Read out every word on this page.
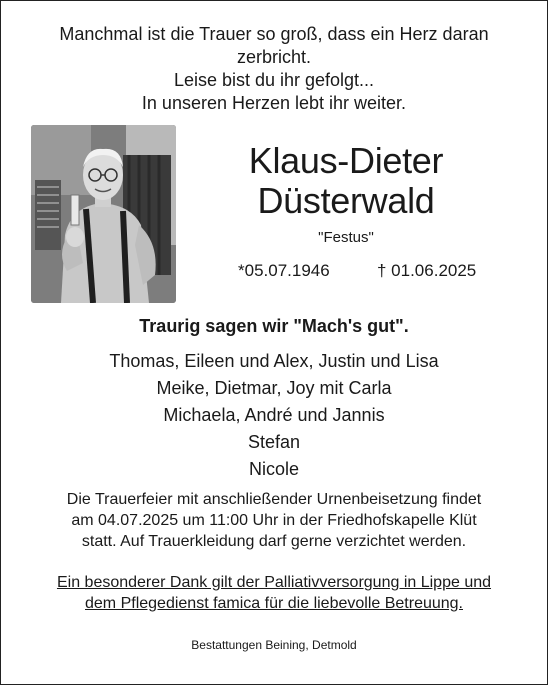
Manchmal ist die Trauer so groß, dass ein Herz daran
zerbricht.
Leise bist du ihr gefolgt...
In unseren Herzen lebt ihr weiter.
Klaus-Dieter
Düsterwald
"Festus"
*05.07.1946	† 01.06.2025
Traurig sagen wir "Mach's gut".
Thomas, Eileen und Alex, Justin und Lisa
Meike, Dietmar, Joy mit Carla
Michaela, André und Jannis
Stefan
Nicole
Die Trauerfeier mit anschließender Urnenbeisetzung findet
am 04.07.2025 um 11:00 Uhr in der Friedhofskapelle Klüt
statt. Auf Trauerkleidung darf gerne verzichtet werden.
Ein besonderer Dank gilt der Palliativversorgung in Lippe und
dem Pflegedienst famica für die liebevolle Betreuung.
Bestattungen Beining, Detmold
